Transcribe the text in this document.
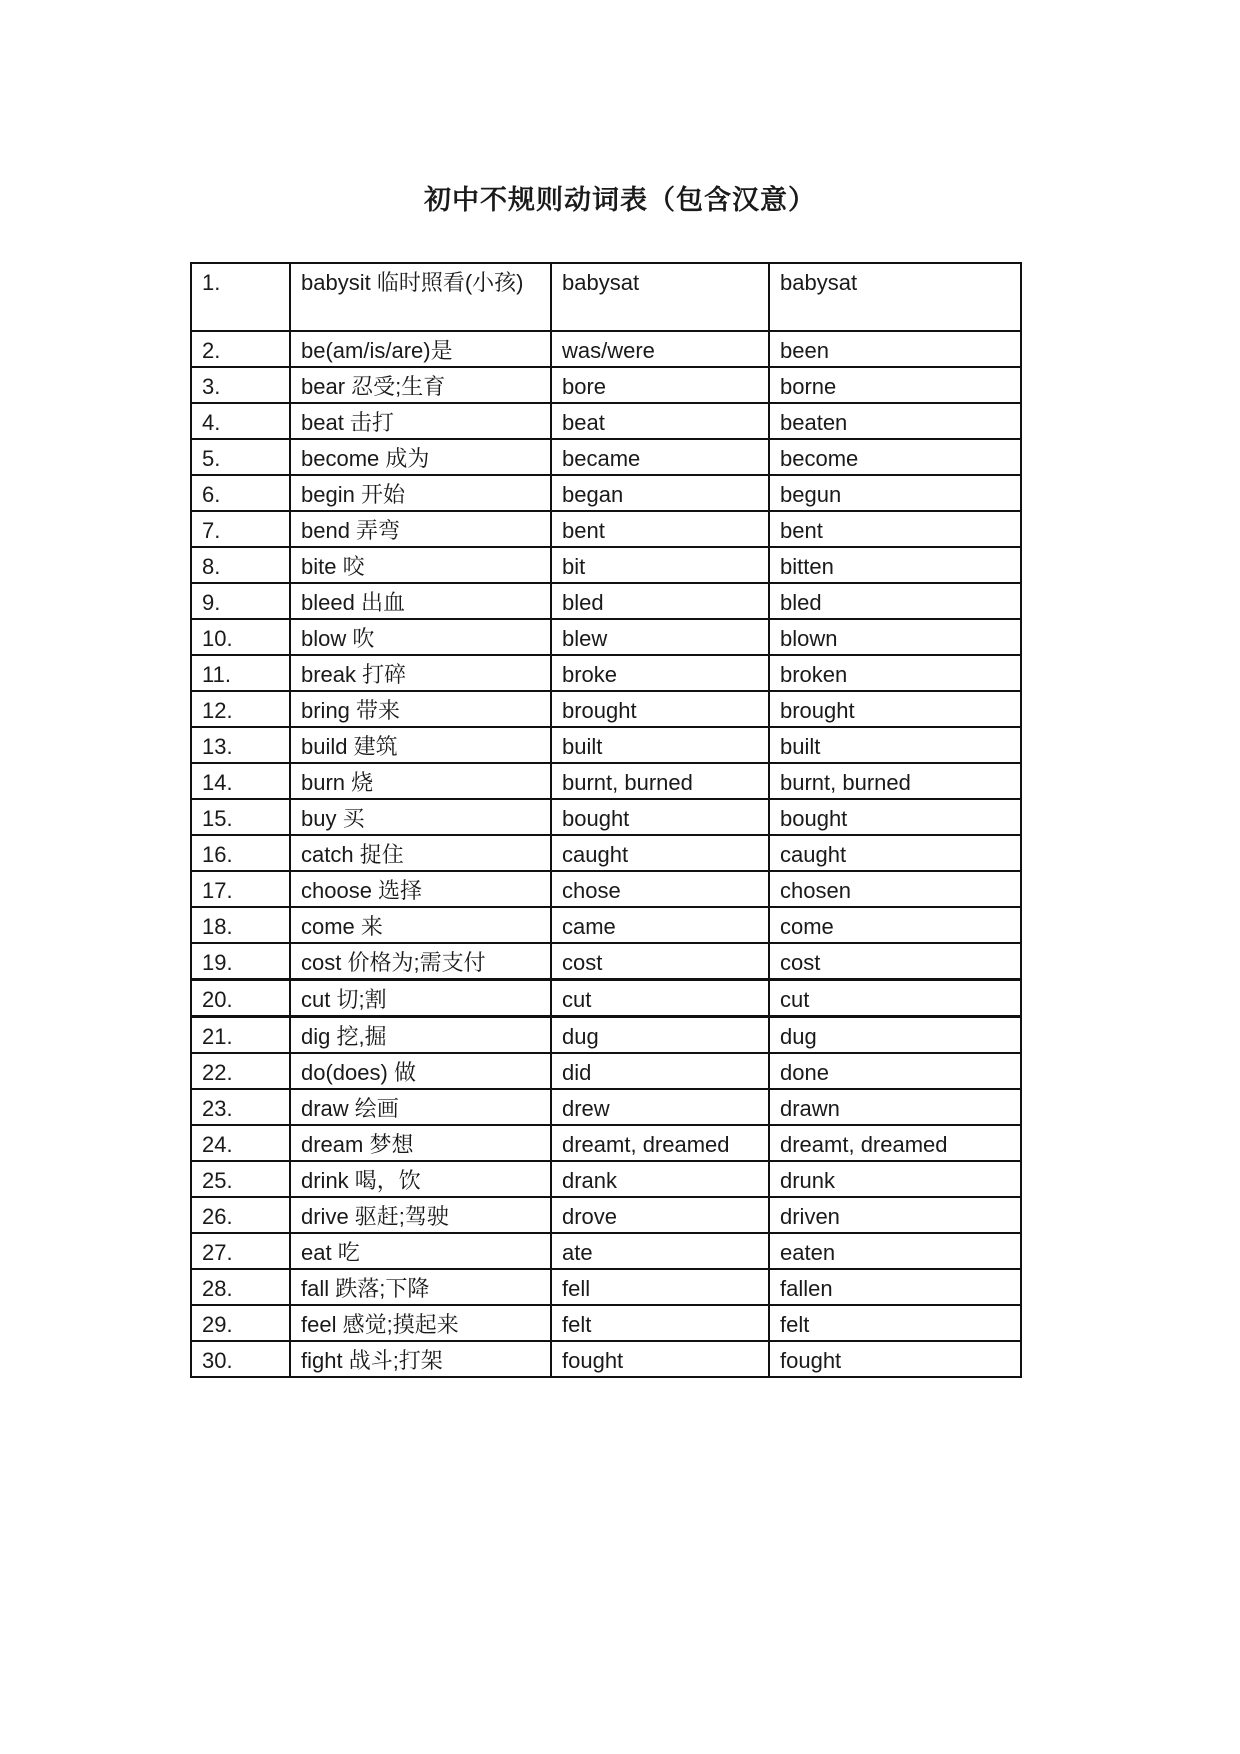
初中不规则动词表（包含汉意）
1.	babysit 临时照看(小孩)	babysat	babysat
2.	be(am/is/are)是	was/were	been
3.	bear 忍受;生育	bore	borne
4.	beat 击打	beat	beaten
5.	become 成为	became	become
6.	begin 开始	began	begun
7.	bend 弄弯	bent	bent
8.	bite 咬	bit	bitten
9.	bleed 出血	bled	bled
10.	blow 吹	blew	blown
11.	break 打碎	broke	broken
12.	bring 带来	brought	brought
13.	build 建筑	built	built
14.	burn 烧	burnt, burned	burnt, burned
15.	buy 买	bought	bought
16.	catch 捉住	caught	caught
17.	choose 选择	chose	chosen
18.	come 来	came	come
19.	cost 价格为;需支付	cost	cost
20.	cut 切;割	cut	cut
21.	dig 挖,掘	dug	dug
22.	do(does) 做	did	done
23.	draw 绘画	drew	drawn
24.	dream 梦想	dreamt, dreamed	dreamt, dreamed
25.	drink 喝，饮	drank	drunk
26.	drive 驱赶;驾驶	drove	driven
27.	eat 吃	ate	eaten
28.	fall 跌落;下降	fell	fallen
29.	feel 感觉;摸起来	felt	felt
30.	fight 战斗;打架	fought	fought
